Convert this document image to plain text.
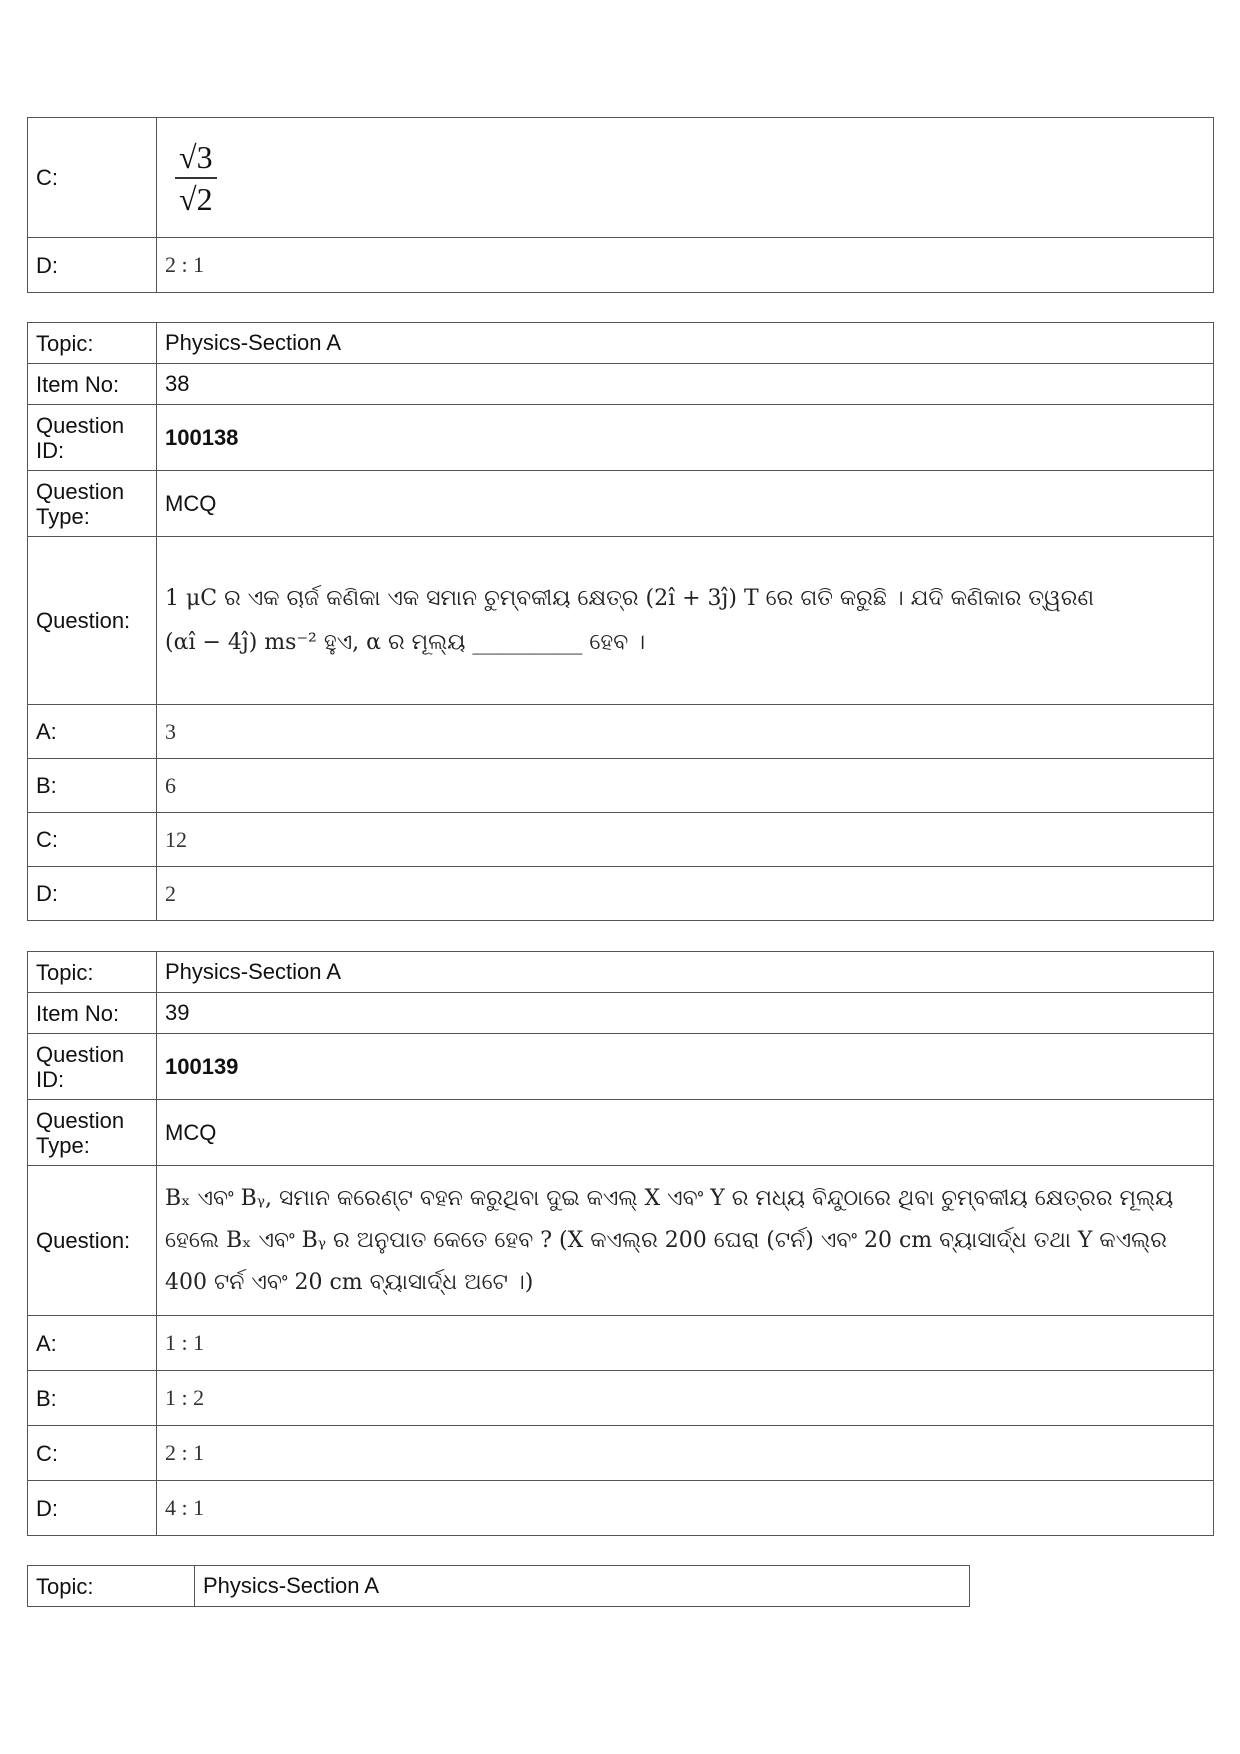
C:	$\frac{√3}{√2}$

D:	2 : 1
Topic:	Physics-Section A
Item No:	38
Question ID:	100138
Question Type:	MCQ
Question:	1 μC ର ଏକ ଚାର୍ଜ କଣିକା ଏକ ସମାନ ଚୁମ୍ବକୀୟ କ୍ଷେତ୍ର (2î + 3ĵ) T ରେ ଗତି କରୁଛି । ଯଦି କଣିକାର ତ୍ୱରଣ
(αî − 4ĵ) ms⁻² ହୁଏ, α ର ମୂଲ୍ୟ __________ ହେବ ।

A:	3
B:	6
C:	12
D:	2
Topic:	Physics-Section A
Item No:	39
Question ID:	100139
Question Type:	MCQ
Question:	Bₓ ଏବଂ Bᵧ, ସମାନ କରେଣ୍ଟ ବହନ କରୁଥିବା ଦୁଇ କଏଲ୍ X ଏବଂ Y ର ମଧ୍ୟ ବିନ୍ଦୁଠାରେ ଥିବା ଚୁମ୍ବକୀୟ କ୍ଷେତ୍ରର ମୂଲ୍ୟ
ହେଲେ Bₓ ଏବଂ Bᵧ ର ଅନୁପାତ କେତେ ହେବ ? (X କଏଲ୍‌ର 200 ଘେରା (ଟର୍ନ) ଏବଂ 20 cm ବ୍ୟାସାର୍ଦ୍ଧ ତଥା Y କଏଲ୍‌ର
400 ଟର୍ନ ଏବଂ 20 cm ବ୍ୟାସାର୍ଦ୍ଧ ଅଟେ ।)

A:	1 : 1
B:	1 : 2
C:	2 : 1
D:	4 : 1
Topic:	Physics-Section A
